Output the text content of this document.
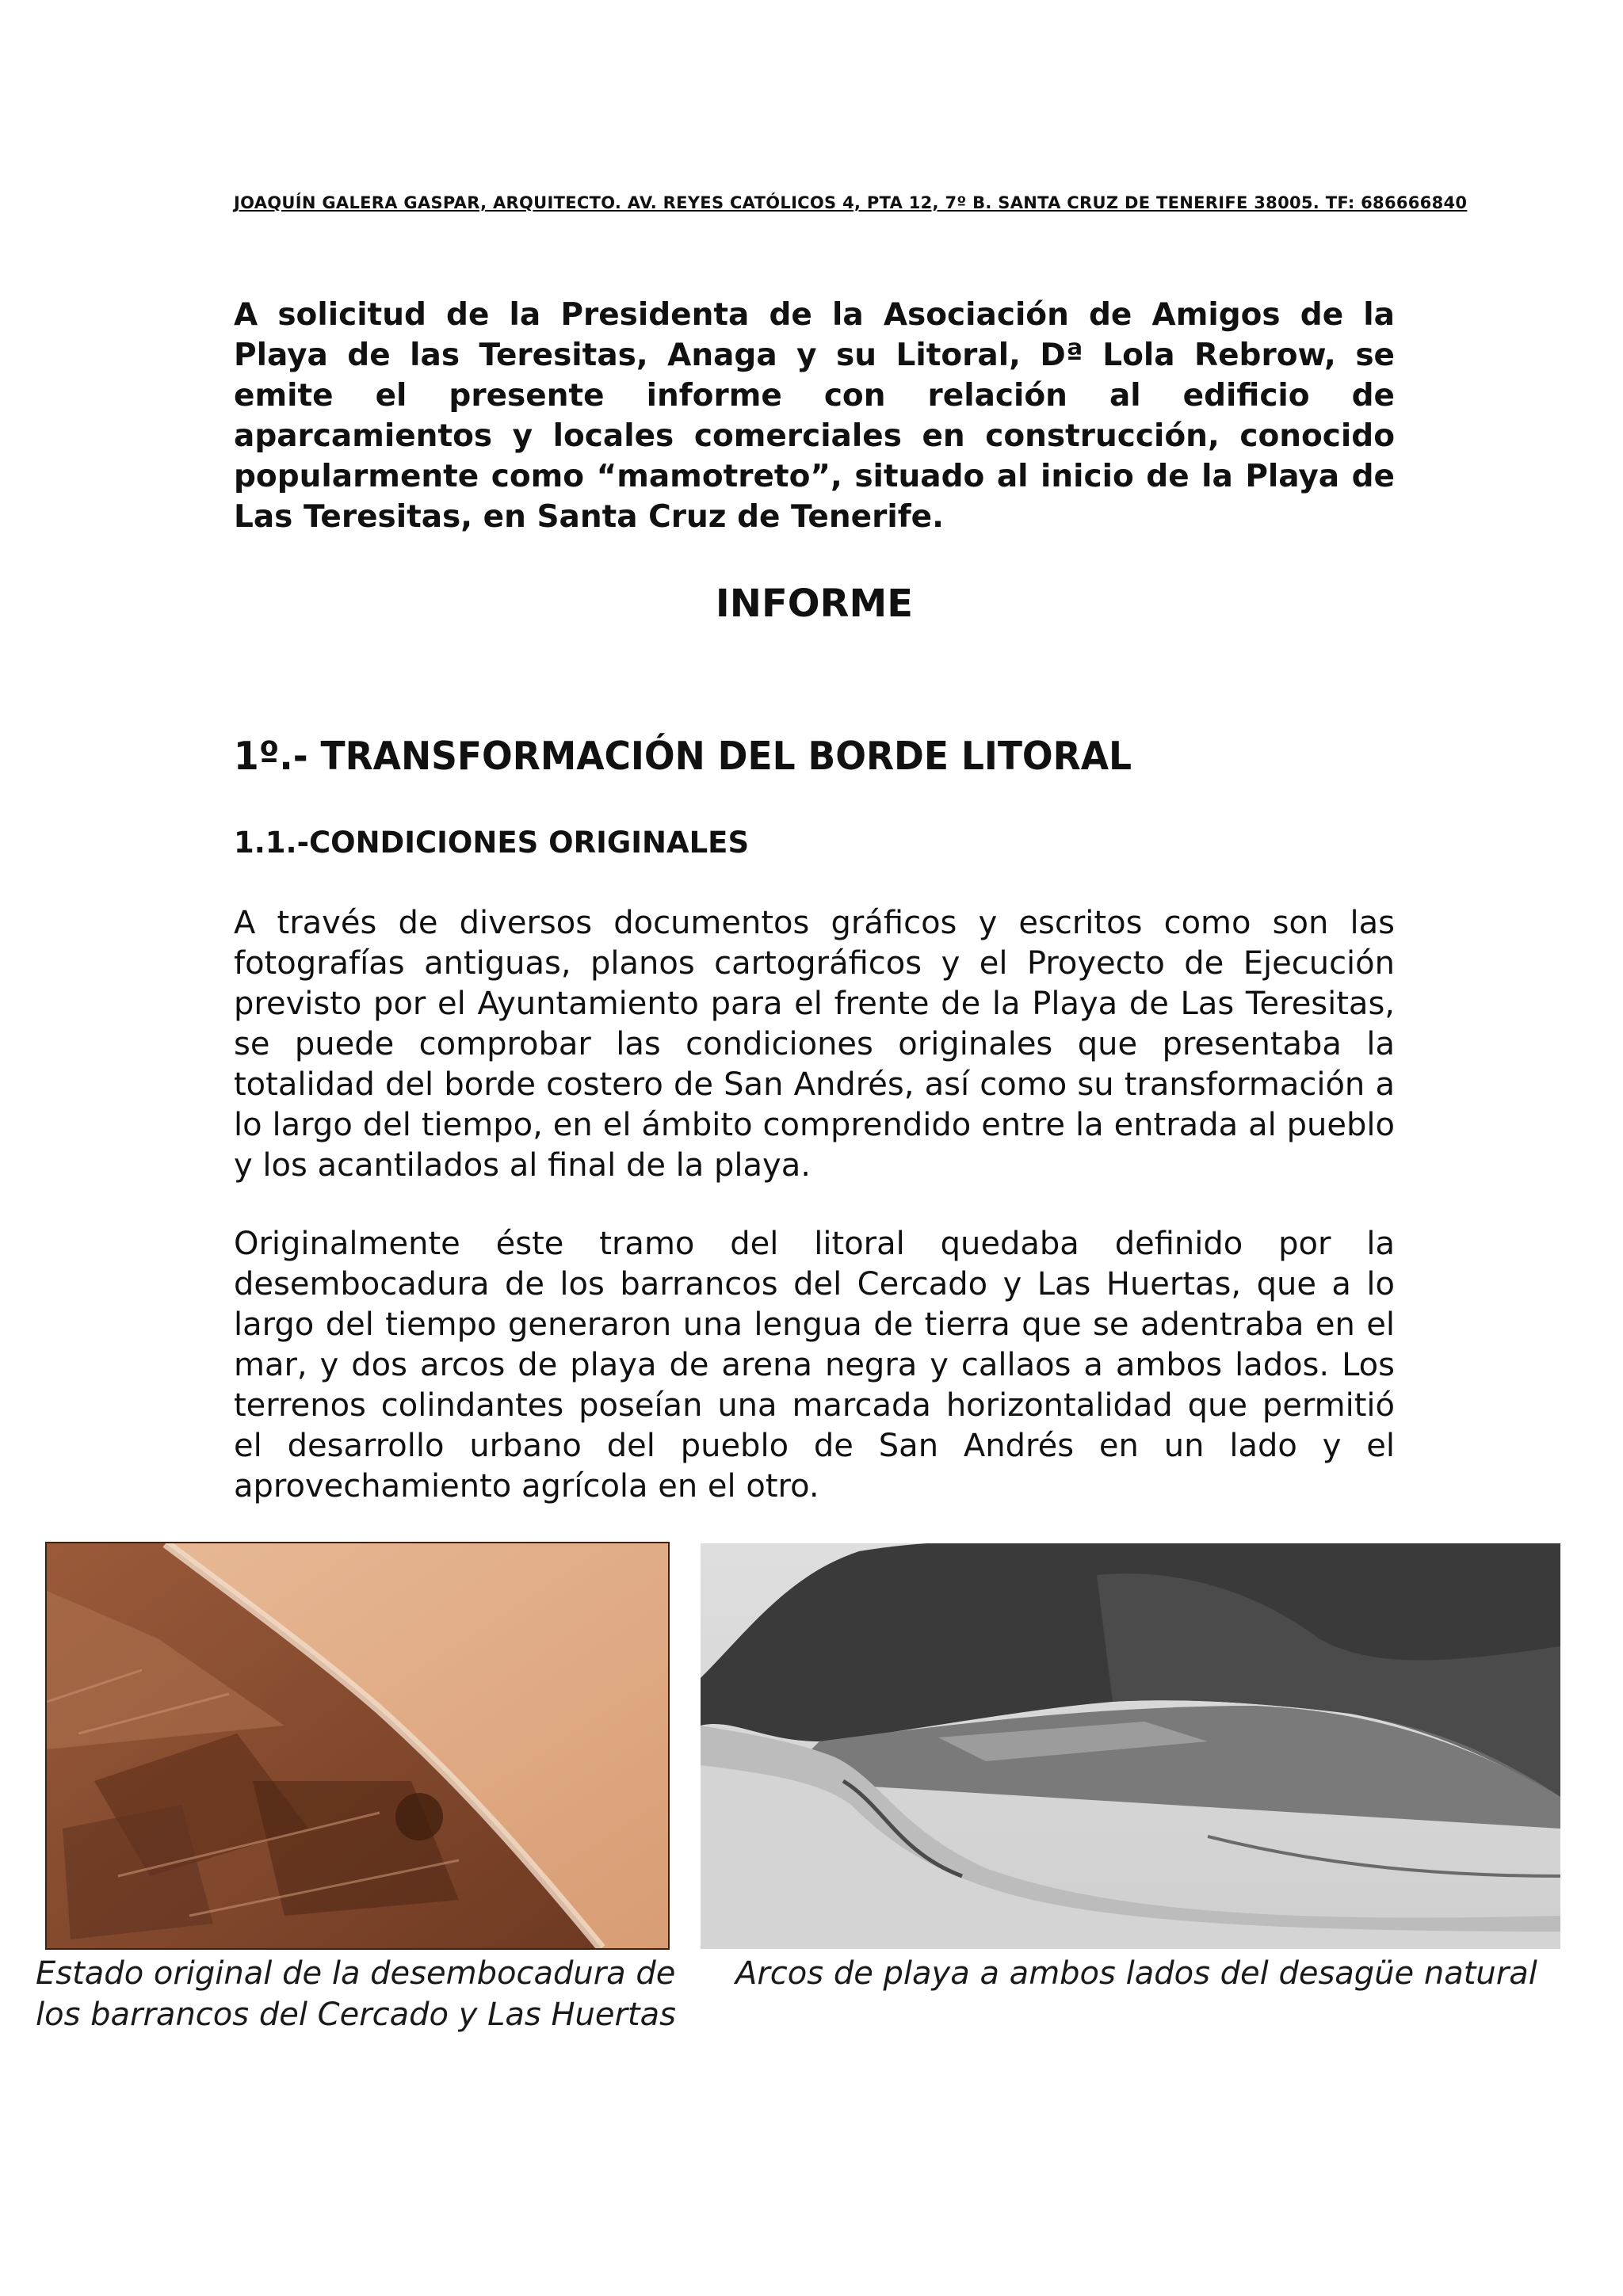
JOAQUÍN GALERA GASPAR, ARQUITECTO. AV. REYES CATÓLICOS 4, PTA 12, 7º B. SANTA CRUZ DE TENERIFE 38005. TF: 686666840
A solicitud de la Presidenta de la Asociación de Amigos de la Playa de las Teresitas, Anaga y su Litoral, Dª Lola Rebrow, se emite el presente informe con relación al edificio de aparcamientos y locales comerciales en construcción, conocido popularmente como “mamotreto”, situado al inicio de la Playa de Las Teresitas, en Santa Cruz de Tenerife.
INFORME
1º.- TRANSFORMACIÓN DEL BORDE LITORAL
1.1.-CONDICIONES ORIGINALES
A través de diversos documentos gráficos y escritos como son las fotografías antiguas, planos cartográficos y el Proyecto de Ejecución previsto por el Ayuntamiento para el frente de la Playa de Las Teresitas, se puede comprobar las condiciones originales que presentaba la totalidad del borde costero de San Andrés, así como su transformación a lo largo del tiempo, en el ámbito comprendido entre la entrada al pueblo y los acantilados al final de la playa.
Originalmente éste tramo del litoral quedaba definido por la desembocadura de los barrancos del Cercado y Las Huertas, que a lo largo del tiempo generaron una lengua de tierra que se adentraba en el mar, y dos arcos de playa de arena negra y callaos a ambos lados. Los terrenos colindantes poseían una marcada horizontalidad que permitió el desarrollo urbano del pueblo de San Andrés en un lado y el aprovechamiento agrícola en el otro.
Estado original de la desembocadura de los barrancos del Cercado y Las Huertas
Arcos de playa a ambos lados del desagüe natural
